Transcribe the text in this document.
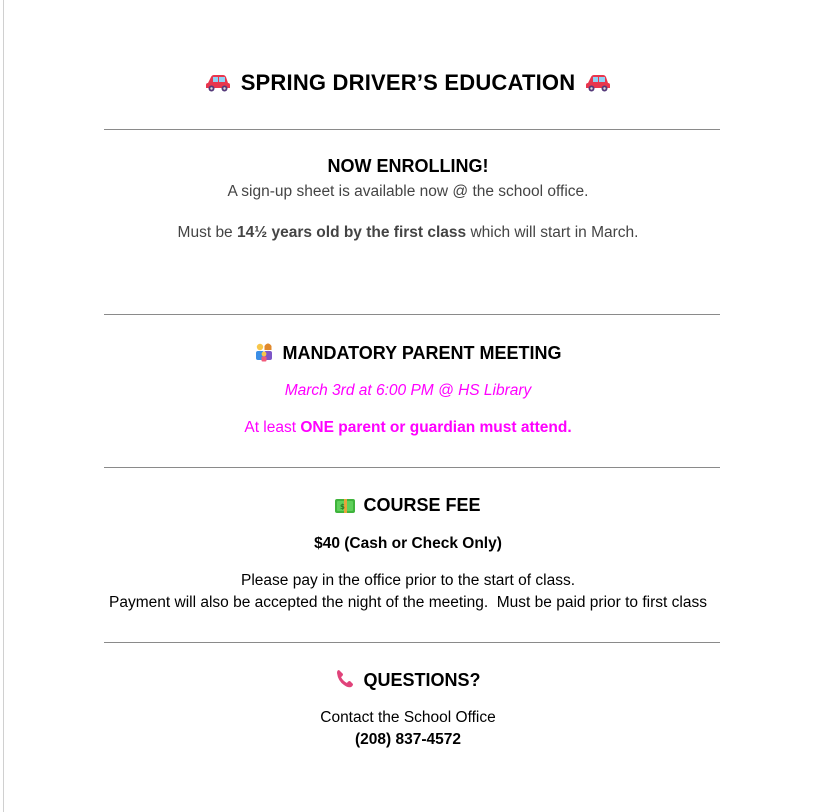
SPRING DRIVER’S EDUCATION
NOW ENROLLING!
A sign-up sheet is available now @ the school office.
Must be 14½ years old by the first class which will start in March.
MANDATORY PARENT MEETING
March 3rd at 6:00 PM @ HS Library
At least ONE parent or guardian must attend.
$ COURSE FEE
$40 (Cash or Check Only)
Please pay in the office prior to the start of class.
Payment will also be accepted the night of the meeting.  Must be paid prior to first class
QUESTIONS?
Contact the School Office
(208) 837-4572
